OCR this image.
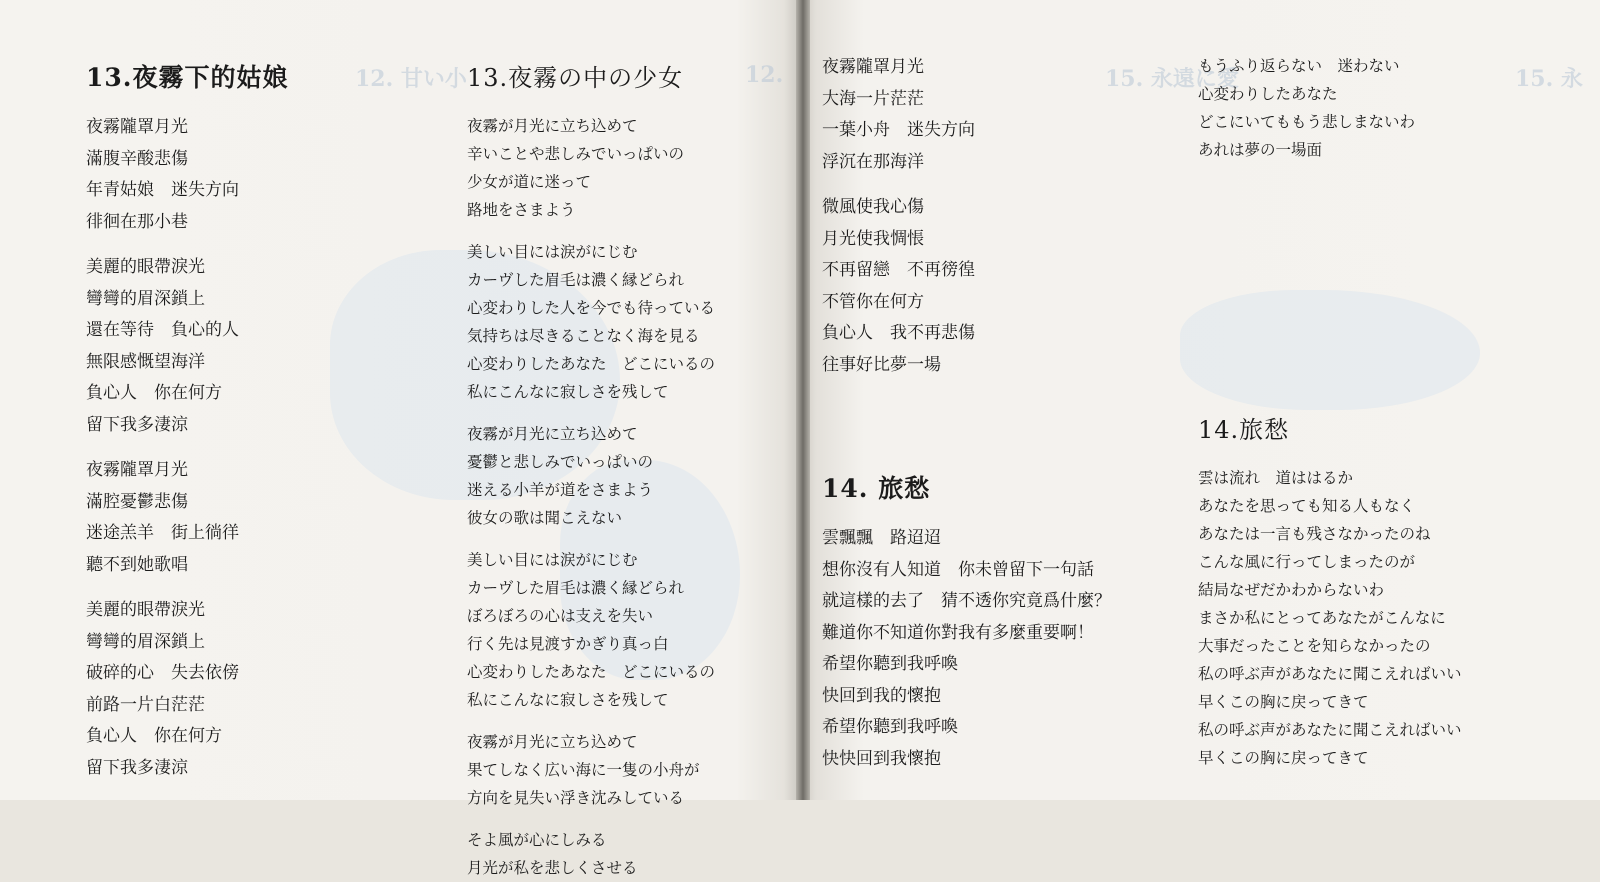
12. 甘い小	12.	15. 永遠に愛	15. 永
13.夜霧下的姑娘
夜霧隴罩月光
滿腹辛酸悲傷
年青姑娘　迷失方向
徘徊在那小巷
美麗的眼帶淚光
彎彎的眉深鎖上
還在等待　負心的人
無限感慨望海洋
負心人　你在何方
留下我多淒涼
夜霧隴罩月光
滿腔憂鬱悲傷
迷途羔羊　街上徜徉
聽不到她歌唱
美麗的眼帶淚光
彎彎的眉深鎖上
破碎的心　失去依傍
前路一片白茫茫
負心人　你在何方
留下我多淒涼
13.夜霧の中の少女
夜霧が月光に立ち込めて
辛いことや悲しみでいっぱいの
少女が道に迷って
路地をさまよう
美しい目には涙がにじむ
カーヴした眉毛は濃く縁どられ
心変わりした人を今でも待っている
気持ちは尽きることなく海を見る
心変わりしたあなた　どこにいるの
私にこんなに寂しさを残して
夜霧が月光に立ち込めて
憂鬱と悲しみでいっぱいの
迷える小羊が道をさまよう
彼女の歌は聞こえない
美しい目には涙がにじむ
カーヴした眉毛は濃く縁どられ
ぼろぼろの心は支えを失い
行く先は見渡すかぎり真っ白
心変わりしたあなた　どこにいるの
私にこんなに寂しさを残して
夜霧が月光に立ち込めて
果てしなく広い海に一隻の小舟が
方向を見失い浮き沈みしている
そよ風が心にしみる
月光が私を悲しくさせる
夜霧隴罩月光
大海一片茫茫
一葉小舟　迷失方向
浮沉在那海洋
微風使我心傷
月光使我惆悵
不再留戀　不再徬徨
不管你在何方
負心人　我不再悲傷
往事好比夢一場
14. 旅愁
雲飄飄　路迢迢
想你沒有人知道　你未曾留下一句話
就這樣的去了　猜不透你究竟爲什麼？
難道你不知道你對我有多麼重要啊！
希望你聽到我呼喚
快回到我的懷抱
希望你聽到我呼喚
快快回到我懷抱
もうふり返らない　迷わない
心変わりしたあなた
どこにいてももう悲しまないわ
あれは夢の一場面
14.旅愁
雲は流れ　道ははるか
あなたを思っても知る人もなく
あなたは一言も残さなかったのね
こんな風に行ってしまったのが
結局なぜだかわからないわ
まさか私にとってあなたがこんなに
大事だったことを知らなかったの
私の呼ぶ声があなたに聞こえればいい
早くこの胸に戻ってきて
私の呼ぶ声があなたに聞こえればいい
早くこの胸に戻ってきて
